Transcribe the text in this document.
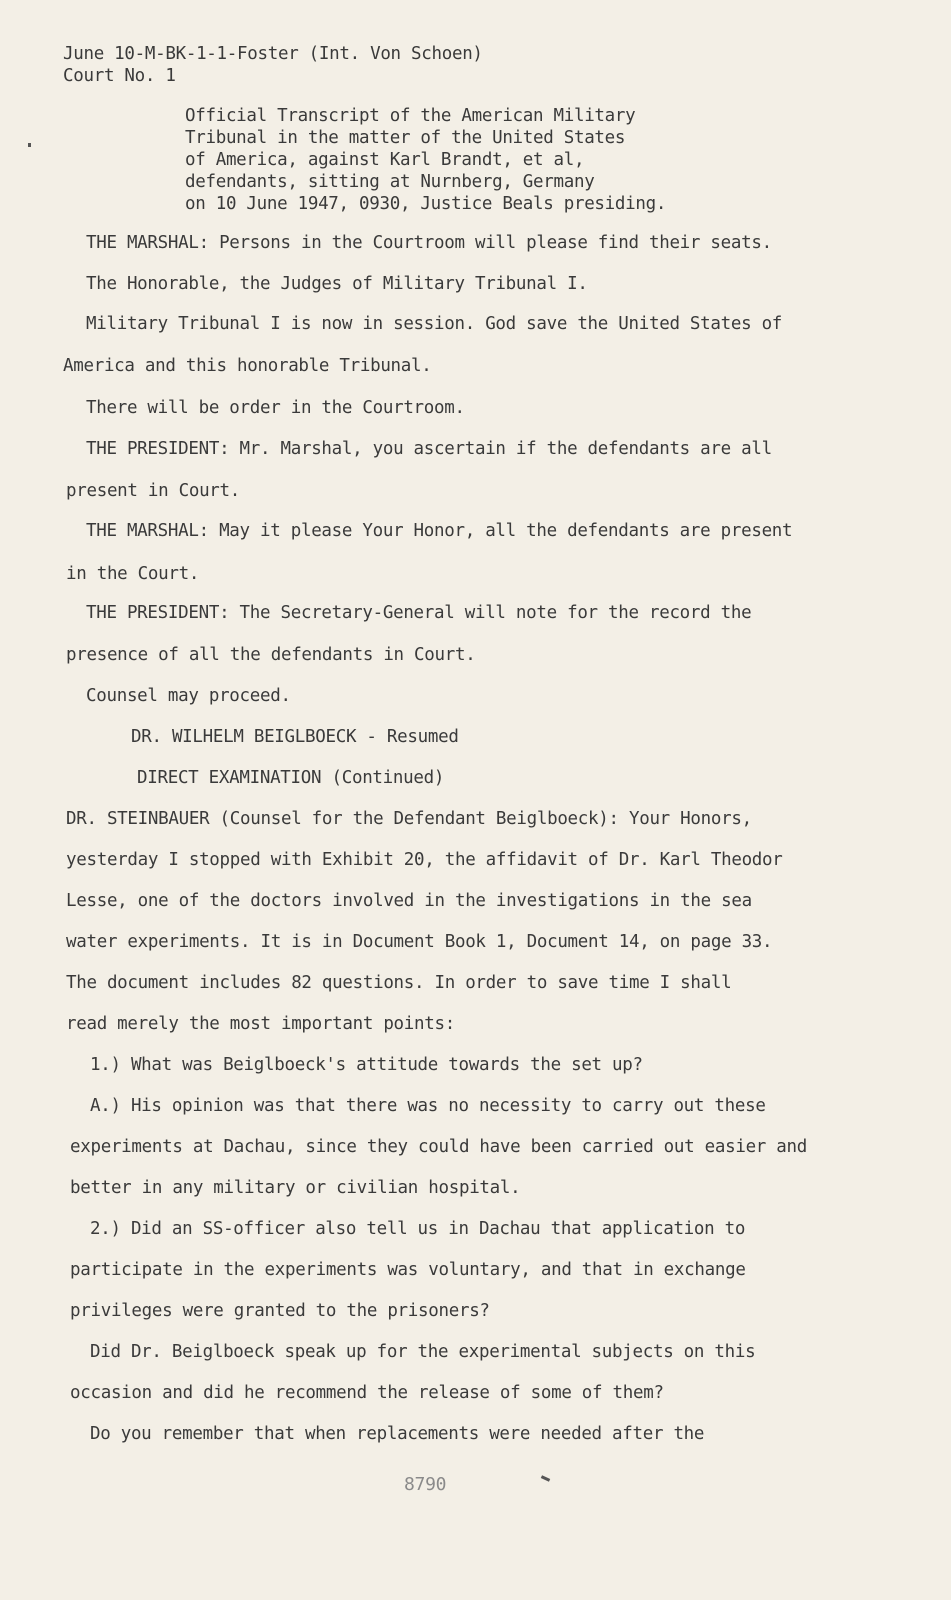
June 10-M-BK-1-1-Foster (Int. Von Schoen)

Court No. 1

Official Transcript of the American Military

Tribunal in the matter of the United States

of America, against Karl Brandt, et al,

defendants, sitting at Nurnberg, Germany

on 10 June 1947, 0930, Justice Beals presiding.

THE MARSHAL: Persons in the Courtroom will please find their seats.

The Honorable, the Judges of Military Tribunal I.

Military Tribunal I is now in session. God save the United States of

America and this honorable Tribunal.

There will be order in the Courtroom.

THE PRESIDENT: Mr. Marshal, you ascertain if the defendants are all

present in Court.

THE MARSHAL: May it please Your Honor, all the defendants are present

in the Court.

THE PRESIDENT: The Secretary-General will note for the record the

presence of all the defendants in Court.

Counsel may proceed.

DR. WILHELM BEIGLBOECK - Resumed

DIRECT EXAMINATION (Continued)

DR. STEINBAUER (Counsel for the Defendant Beiglboeck): Your Honors,

yesterday I stopped with Exhibit 20, the affidavit of Dr. Karl Theodor

Lesse, one of the doctors involved in the investigations in the sea

water experiments. It is in Document Book 1, Document 14, on page 33.

The document includes 82 questions. In order to save time I shall

read merely the most important points:

1.) What was Beiglboeck's attitude towards the set up?

A.) His opinion was that there was no necessity to carry out these

experiments at Dachau, since they could have been carried out easier and

better in any military or civilian hospital.

2.) Did an SS-officer also tell us in Dachau that application to

participate in the experiments was voluntary, and that in exchange

privileges were granted to the prisoners?

Did Dr. Beiglboeck speak up for the experimental subjects on this

occasion and did he recommend the release of some of them?

Do you remember that when replacements were needed after the

8790
